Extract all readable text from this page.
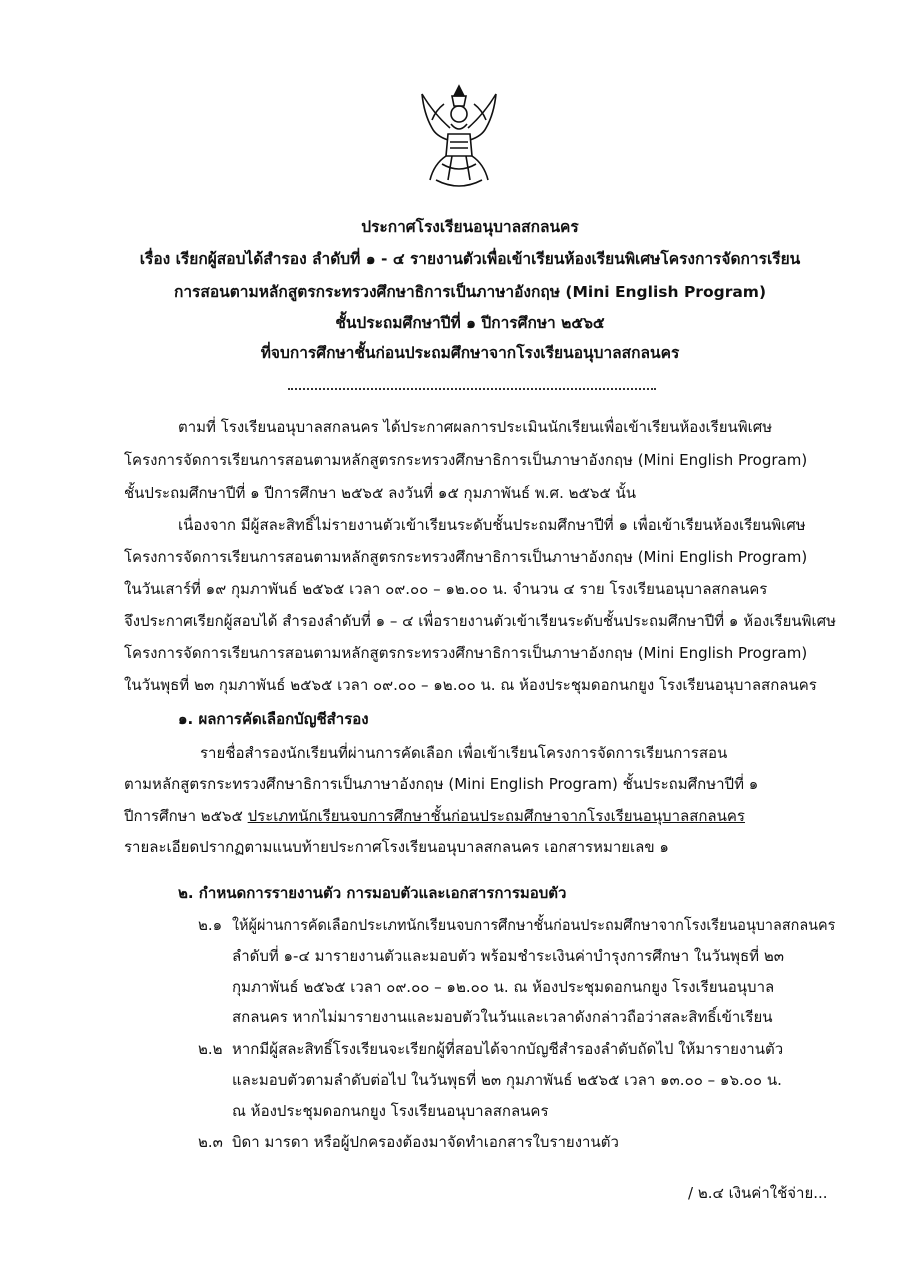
ประกาศโรงเรียนอนุบาลสกลนคร
เรื่อง เรียกผู้สอบได้สำรอง ลำดับที่ ๑ - ๔ รายงานตัวเพื่อเข้าเรียนห้องเรียนพิเศษโครงการจัดการเรียน
การสอนตามหลักสูตรกระทรวงศึกษาธิการเป็นภาษาอังกฤษ (Mini English Program)
ชั้นประถมศึกษาปีที่ ๑ ปีการศึกษา ๒๕๖๕
ที่จบการศึกษาชั้นก่อนประถมศึกษาจากโรงเรียนอนุบาลสกลนคร
ตามที่ โรงเรียนอนุบาลสกลนคร ได้ประกาศผลการประเมินนักเรียนเพื่อเข้าเรียนห้องเรียนพิเศษ
โครงการจัดการเรียนการสอนตามหลักสูตรกระทรวงศึกษาธิการเป็นภาษาอังกฤษ (Mini English Program)
ชั้นประถมศึกษาปีที่ ๑ ปีการศึกษา ๒๕๖๕ ลงวันที่ ๑๕ กุมภาพันธ์ พ.ศ. ๒๕๖๕ นั้น
เนื่องจาก มีผู้สละสิทธิ์ไม่รายงานตัวเข้าเรียนระดับชั้นประถมศึกษาปีที่ ๑ เพื่อเข้าเรียนห้องเรียนพิเศษ
โครงการจัดการเรียนการสอนตามหลักสูตรกระทรวงศึกษาธิการเป็นภาษาอังกฤษ (Mini English Program)
ในวันเสาร์ที่ ๑๙ กุมภาพันธ์ ๒๕๖๕ เวลา ๐๙.๐๐ – ๑๒.๐๐ น. จำนวน ๔ ราย โรงเรียนอนุบาลสกลนคร
จึงประกาศเรียกผู้สอบได้ สำรองลำดับที่ ๑ – ๔ เพื่อรายงานตัวเข้าเรียนระดับชั้นประถมศึกษาปีที่ ๑ ห้องเรียนพิเศษ
โครงการจัดการเรียนการสอนตามหลักสูตรกระทรวงศึกษาธิการเป็นภาษาอังกฤษ (Mini English Program)
ในวันพุธที่ ๒๓ กุมภาพันธ์ ๒๕๖๕ เวลา ๐๙.๐๐ – ๑๒.๐๐ น. ณ ห้องประชุมดอกนกยูง โรงเรียนอนุบาลสกลนคร
๑. ผลการคัดเลือกบัญชีสำรอง
รายชื่อสำรองนักเรียนที่ผ่านการคัดเลือก เพื่อเข้าเรียนโครงการจัดการเรียนการสอน
ตามหลักสูตรกระทรวงศึกษาธิการเป็นภาษาอังกฤษ (Mini English Program) ชั้นประถมศึกษาปีที่ ๑
ปีการศึกษา ๒๕๖๕ ประเภทนักเรียนจบการศึกษาชั้นก่อนประถมศึกษาจากโรงเรียนอนุบาลสกลนคร
รายละเอียดปรากฏตามแนบท้ายประกาศโรงเรียนอนุบาลสกลนคร เอกสารหมายเลข ๑
๒. กำหนดการรายงานตัว การมอบตัวและเอกสารการมอบตัว
๒.๑ ให้ผู้ผ่านการคัดเลือกประเภทนักเรียนจบการศึกษาชั้นก่อนประถมศึกษาจากโรงเรียนอนุบาลสกลนคร
ลำดับที่ ๑-๔ มารายงานตัวและมอบตัว พร้อมชำระเงินค่าบำรุงการศึกษา ในวันพุธที่ ๒๓
กุมภาพันธ์ ๒๕๖๕ เวลา ๐๙.๐๐ – ๑๒.๐๐ น. ณ ห้องประชุมดอกนกยูง โรงเรียนอนุบาล
สกลนคร หากไม่มารายงานและมอบตัวในวันและเวลาดังกล่าวถือว่าสละสิทธิ์เข้าเรียน
๒.๒ หากมีผู้สละสิทธิ์โรงเรียนจะเรียกผู้ที่สอบได้จากบัญชีสำรองลำดับถัดไป ให้มารายงานตัว
และมอบตัวตามลำดับต่อไป ในวันพุธที่ ๒๓ กุมภาพันธ์ ๒๕๖๕ เวลา ๑๓.๐๐ – ๑๖.๐๐ น.
ณ ห้องประชุมดอกนกยูง โรงเรียนอนุบาลสกลนคร
๒.๓ บิดา มารดา หรือผู้ปกครองต้องมาจัดทำเอกสารใบรายงานตัว
/ ๒.๔ เงินค่าใช้จ่าย...
